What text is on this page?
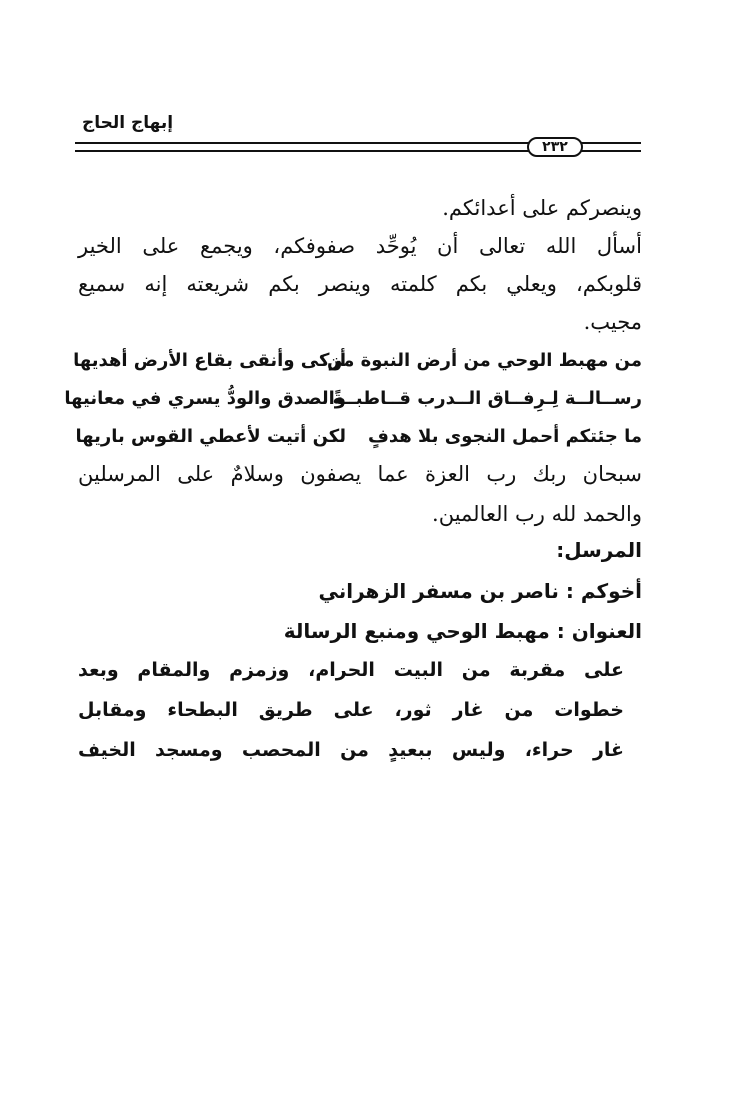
إبهاج الحاج
٢٣٢
وينصركم على أعدائكم.
أسأل الله تعالى أن يُوحِّد صفوفكم، ويجمع على الخير
قلوبكم، ويعلي بكم كلمته وينصر بكم شريعته إنه سميع
مجيب.
من مهبط الوحي من أرض النبوة من
أزكى وأنقى بقاع الأرض أهديها
رســالــة لِـرِفــاق الــدرب قــاطبــةً
والصدق والودُّ يسري في معانيها
ما جئتكم أحمل النجوى بلا هدفٍ
لكن أتيت لأعطي القوس باريها
سبحان ربك رب العزة عما يصفون وسلامٌ على المرسلين
والحمد لله رب العالمين.
المرسل:
أخوكم : ناصر بن مسفر الزهراني
العنوان : مهبط الوحي ومنبع الرسالة
على مقربة من البيت الحرام، وزمزم والمقام وبعد
خطوات من غار ثور، على طريق البطحاء ومقابل
غار حراء، وليس ببعيدٍ من المحصب ومسجد الخيف
